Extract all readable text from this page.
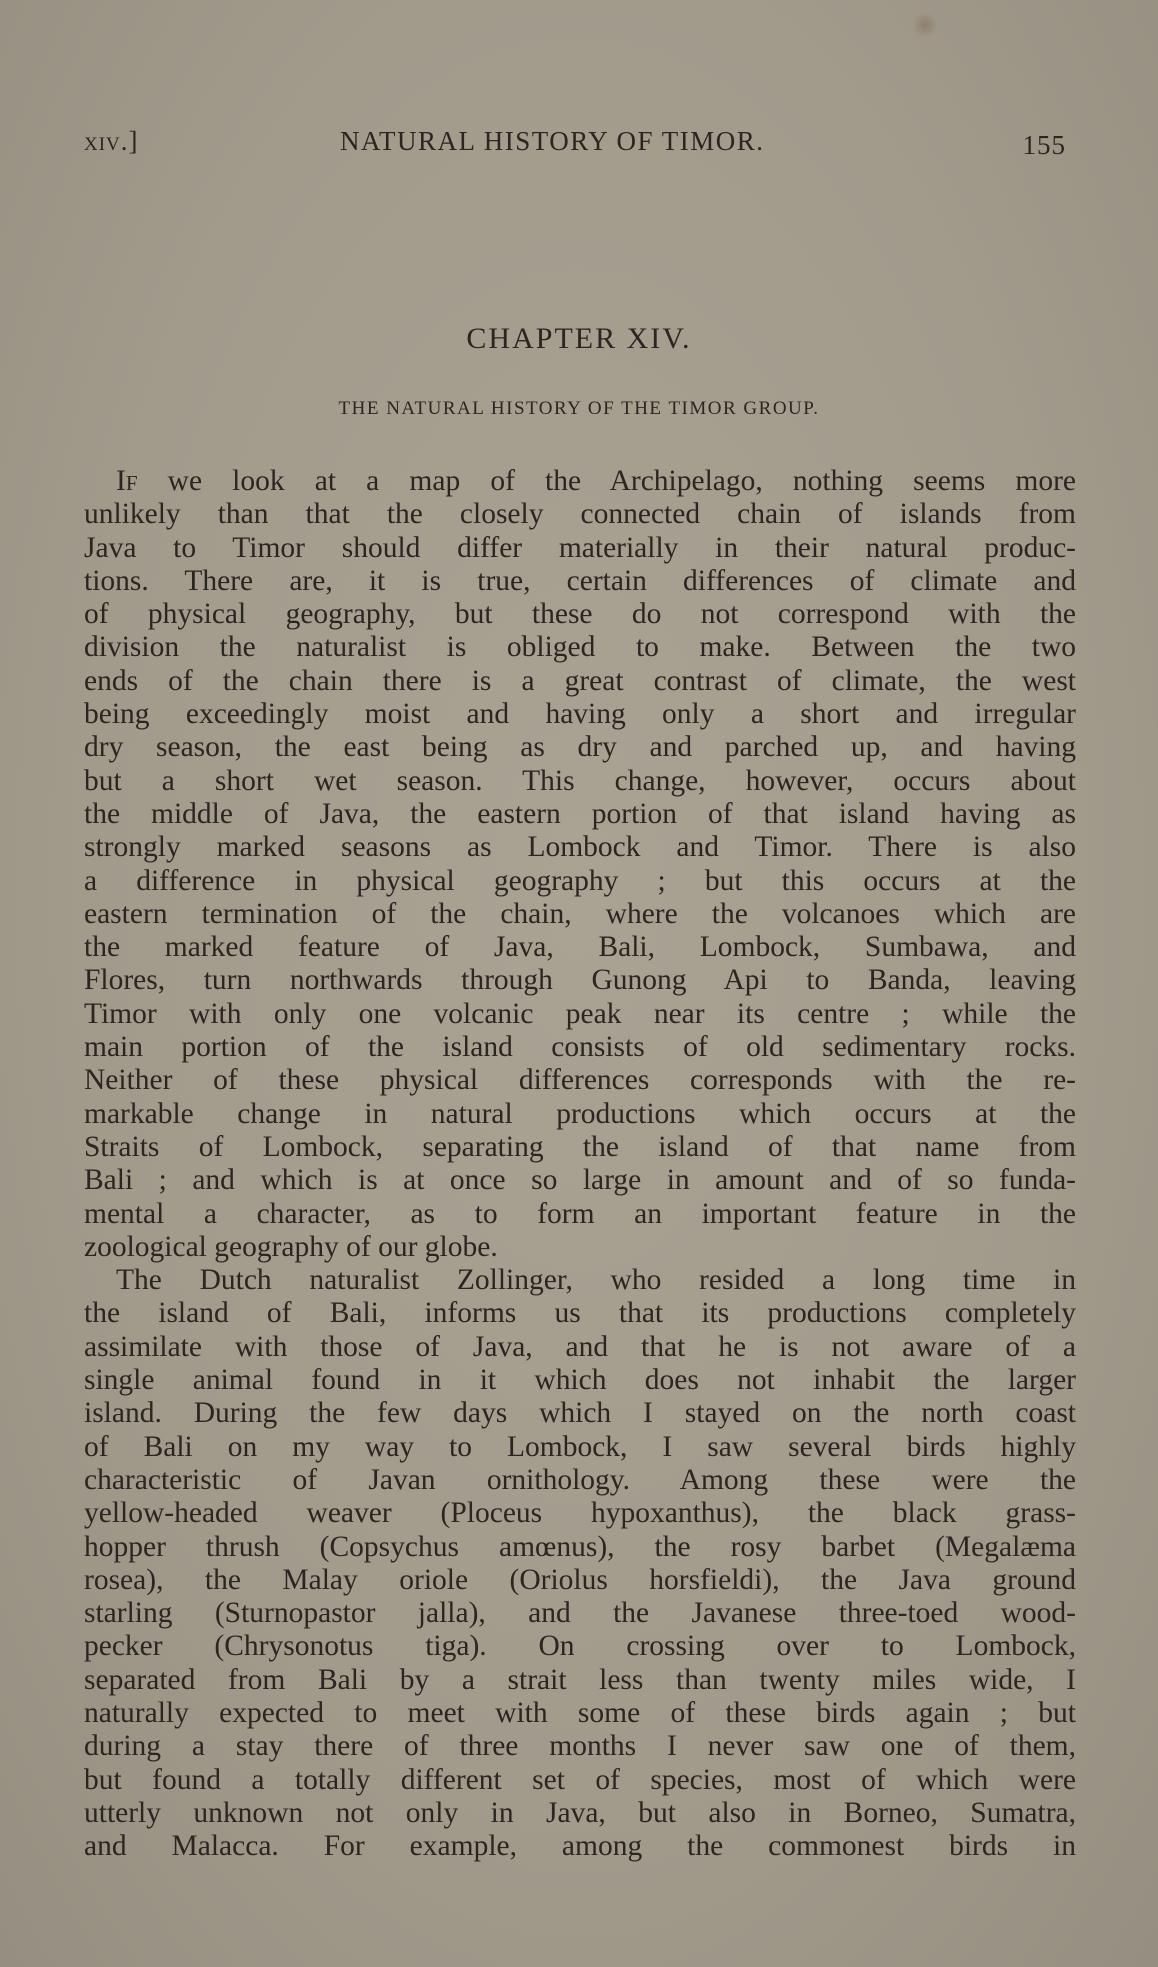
xiv.]	NATURAL HISTORY OF TIMOR.	155
CHAPTER XIV.
THE NATURAL HISTORY OF THE TIMOR GROUP.
If we look at a map of the Archipelago, nothing seems more
unlikely than that the closely connected chain of islands from
Java to Timor should differ materially in their natural produc-
tions. There are, it is true, certain differences of climate and
of physical geography, but these do not correspond with the
division the naturalist is obliged to make. Between the two
ends of the chain there is a great contrast of climate, the west
being exceedingly moist and having only a short and irregular
dry season, the east being as dry and parched up, and having
but a short wet season. This change, however, occurs about
the middle of Java, the eastern portion of that island having as
strongly marked seasons as Lombock and Timor. There is also
a difference in physical geography ; but this occurs at the
eastern termination of the chain, where the volcanoes which are
the marked feature of Java, Bali, Lombock, Sumbawa, and
Flores, turn northwards through Gunong Api to Banda, leaving
Timor with only one volcanic peak near its centre ; while the
main portion of the island consists of old sedimentary rocks.
Neither of these physical differences corresponds with the re-
markable change in natural productions which occurs at the
Straits of Lombock, separating the island of that name from
Bali ; and which is at once so large in amount and of so funda-
mental a character, as to form an important feature in the
zoological geography of our globe.
The Dutch naturalist Zollinger, who resided a long time in
the island of Bali, informs us that its productions completely
assimilate with those of Java, and that he is not aware of a
single animal found in it which does not inhabit the larger
island. During the few days which I stayed on the north coast
of Bali on my way to Lombock, I saw several birds highly
characteristic of Javan ornithology. Among these were the
yellow-headed weaver (Ploceus hypoxanthus), the black grass-
hopper thrush (Copsychus amœnus), the rosy barbet (Megalæma
rosea), the Malay oriole (Oriolus horsfieldi), the Java ground
starling (Sturnopastor jalla), and the Javanese three-toed wood-
pecker (Chrysonotus tiga). On crossing over to Lombock,
separated from Bali by a strait less than twenty miles wide, I
naturally expected to meet with some of these birds again ; but
during a stay there of three months I never saw one of them,
but found a totally different set of species, most of which were
utterly unknown not only in Java, but also in Borneo, Sumatra,
and Malacca. For example, among the commonest birds in
